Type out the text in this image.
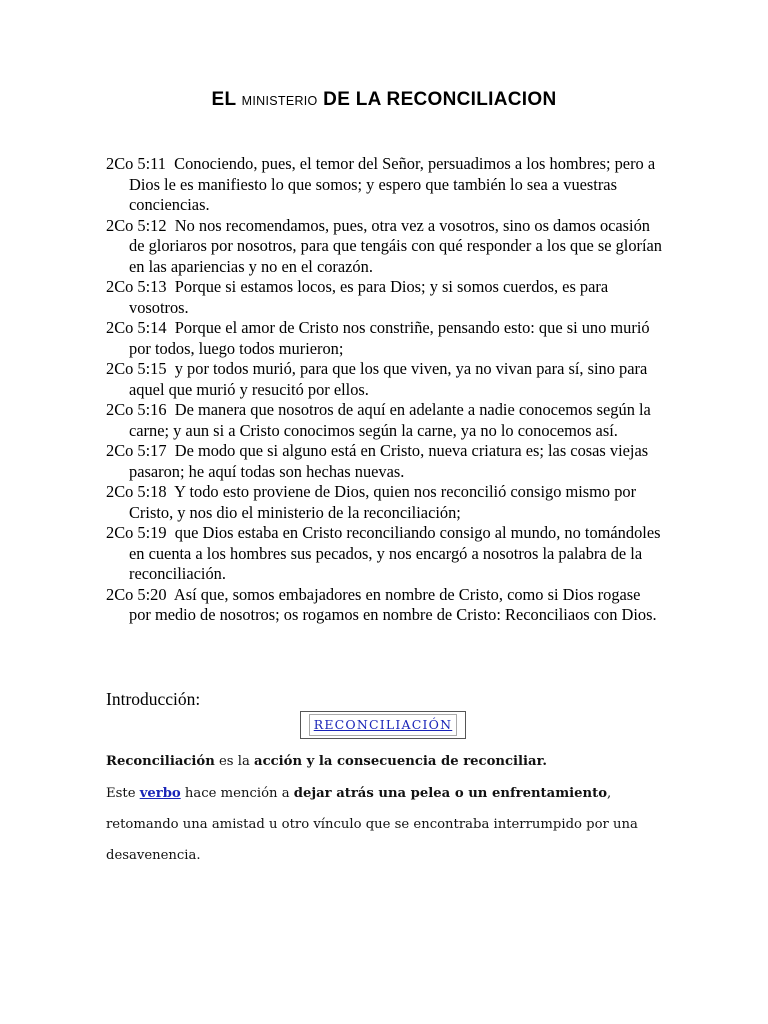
EL MINISTERIO DE LA RECONCILIACION

2Co 5:11 Conociendo, pues, el temor del Señor, persuadimos a los hombres; pero a Dios le es manifiesto lo que somos; y espero que también lo sea a vuestras conciencias.

2Co 5:12 No nos recomendamos, pues, otra vez a vosotros, sino os damos ocasión de gloriaros por nosotros, para que tengáis con qué responder a los que se glorían en las apariencias y no en el corazón.

2Co 5:13 Porque si estamos locos, es para Dios; y si somos cuerdos, es para vosotros.

2Co 5:14 Porque el amor de Cristo nos constriñe, pensando esto: que si uno murió por todos, luego todos murieron;

2Co 5:15 y por todos murió, para que los que viven, ya no vivan para sí, sino para aquel que murió y resucitó por ellos.

2Co 5:16 De manera que nosotros de aquí en adelante a nadie conocemos según la carne; y aun si a Cristo conocimos según la carne, ya no lo conocemos así.

2Co 5:17 De modo que si alguno está en Cristo, nueva criatura es; las cosas viejas pasaron; he aquí todas son hechas nuevas.

2Co 5:18 Y todo esto proviene de Dios, quien nos reconcilió consigo mismo por Cristo, y nos dio el ministerio de la reconciliación;

2Co 5:19 que Dios estaba en Cristo reconciliando consigo al mundo, no tomándoles en cuenta a los hombres sus pecados, y nos encargó a nosotros la palabra de la reconciliación.

2Co 5:20 Así que, somos embajadores en nombre de Cristo, como si Dios rogase por medio de nosotros; os rogamos en nombre de Cristo: Reconciliaos con Dios.

Introducción:
RECONCILIACIÓN
Reconciliación es la acción y la consecuencia de reconciliar.
Este verbo hace mención a dejar atrás una pelea o un enfrentamiento,
retomando una amistad u otro vínculo que se encontraba interrumpido por una
desavenencia.
